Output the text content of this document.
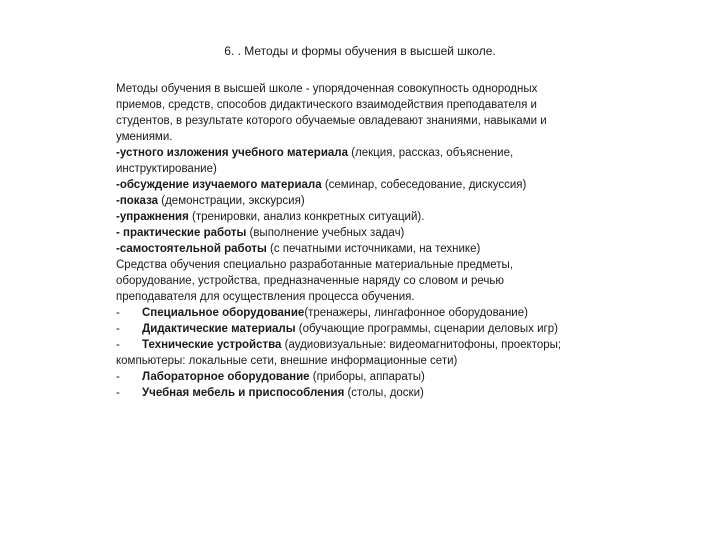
6. . Методы и формы обучения в высшей школе.

Методы обучения в высшей школе - упорядоченная совокупность однородных

приемов, средств, способов дидактического взаимодействия преподавателя и

студентов, в результате которого обучаемые овладевают знаниями, навыками и

умениями.

-устного изложения учебного материала (лекция, рассказ, объяснение,

инструктирование)

-обсуждение изучаемого материала (семинар, собеседование, дискуссия)

-показа (демонстрации, экскурсия)

-упражнения (тренировки, анализ конкретных ситуаций).

- практические работы (выполнение учебных задач)

-самостоятельной работы (с печатными источниками, на технике)

Средства обучения специально разработанные материальные предметы,

оборудование, устройства, предназначенные наряду со словом и речью

преподавателя для осуществления процесса обучения.

- Специальное оборудование(тренажеры, лингафонное оборудование)

- Дидактические материалы (обучающие программы, сценарии деловых игр)

- Технические устройства (аудиовизуальные: видеомагнитофоны, проекторы;

компьютеры: локальные сети, внешние информационные сети)

- Лабораторное оборудование (приборы, аппараты)

- Учебная мебель и приспособления (столы, доски)
